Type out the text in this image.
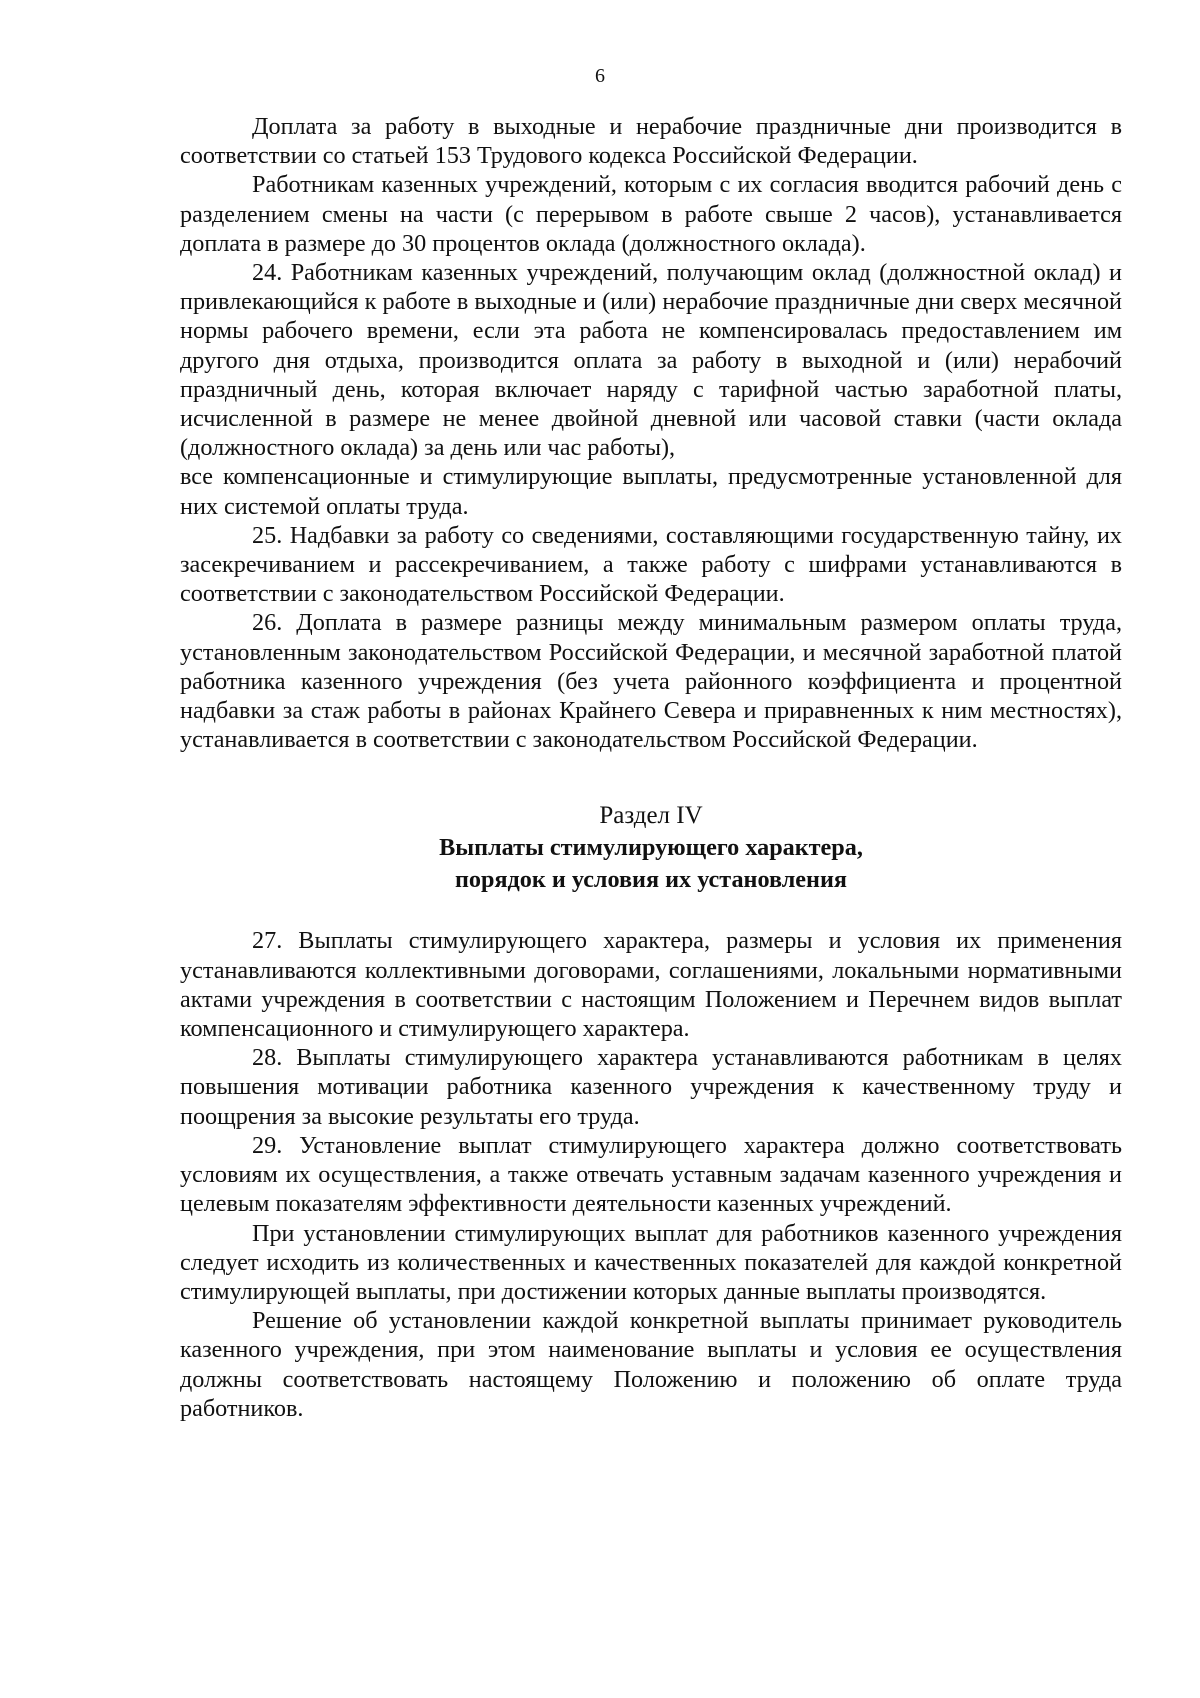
6

Доплата за работу в выходные и нерабочие праздничные дни производится в соответствии со статьей 153 Трудового кодекса Российской Федерации.

Работникам казенных учреждений, которым с их согласия вводится рабочий день с разделением смены на части (с перерывом в работе свыше 2 часов), устанавливается доплата в размере до 30 процентов оклада (должностного оклада).

24. Работникам казенных учреждений, получающим оклад (должностной оклад) и привлекающийся к работе в выходные и (или) нерабочие праздничные дни сверх месячной нормы рабочего времени, если эта работа не компенсировалась предоставлением им другого дня отдыха, производится оплата за работу в выходной и (или) нерабочий праздничный день, которая включает наряду с тарифной частью заработной платы, исчисленной в размере не менее двойной дневной или часовой ставки (части оклада (должностного оклада) за день или час работы),

все компенсационные и стимулирующие выплаты, предусмотренные установленной для них системой оплаты труда.

25. Надбавки за работу со сведениями, составляющими государственную тайну, их засекречиванием и рассекречиванием, а также работу с шифрами устанавливаются в соответствии с законодательством Российской Федерации.

26. Доплата в размере разницы между минимальным размером оплаты труда, установленным законодательством Российской Федерации, и месячной заработной платой работника казенного учреждения (без учета районного коэффициента и процентной надбавки за стаж работы в районах Крайнего Севера и приравненных к ним местностях), устанавливается в соответствии с законодательством Российской Федерации.

Раздел IV

Выплаты стимулирующего характера,

порядок и условия их установления

27. Выплаты стимулирующего характера, размеры и условия их применения устанавливаются коллективными договорами, соглашениями, локальными нормативными актами учреждения в соответствии с настоящим Положением и Перечнем видов выплат компенсационного и стимулирующего характера.

28. Выплаты стимулирующего характера устанавливаются работникам в целях повышения мотивации работника казенного учреждения к качественному труду и поощрения за высокие результаты его труда.

29. Установление выплат стимулирующего характера должно соответствовать условиям их осуществления, а также отвечать уставным задачам казенного учреждения и целевым показателям эффективности деятельности казенных учреждений.

При установлении стимулирующих выплат для работников казенного учреждения следует исходить из количественных и качественных показателей для каждой конкретной стимулирующей выплаты, при достижении которых данные выплаты производятся.

Решение об установлении каждой конкретной выплаты принимает руководитель казенного учреждения, при этом наименование выплаты и условия ее осуществления должны соответствовать настоящему Положению и положению об оплате труда работников.
